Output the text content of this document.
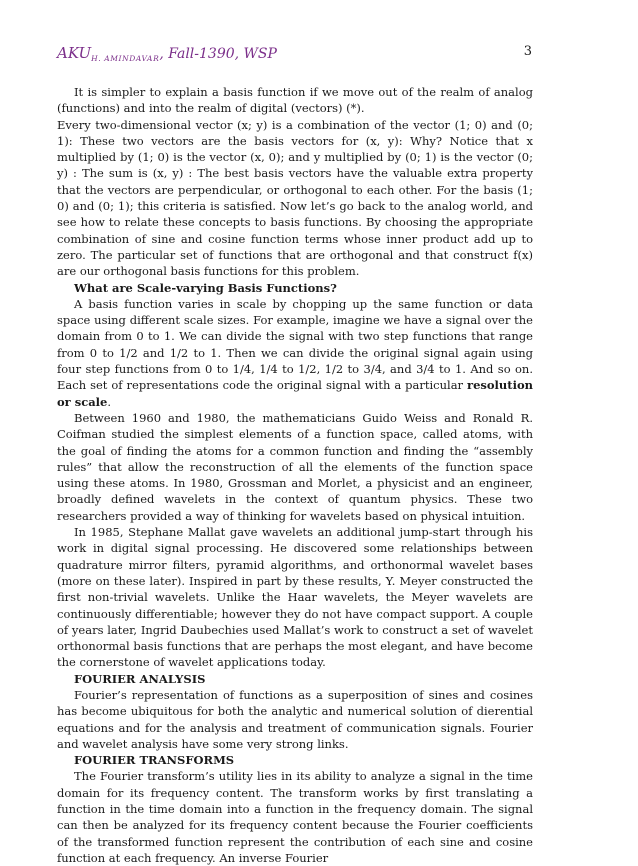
$AKU_{H. AMINDAVAR}$, Fall-1390, WSP	3

It is simpler to explain a basis function if we move out of the realm of analog (functions) and into the realm of digital (vectors) (*).

Every two-dimensional vector (x; y) is a combination of the vector (1; 0) and (0; 1): These two vectors are the basis vectors for (x, y): Why? Notice that x multiplied by (1; 0) is the vector (x, 0); and y multiplied by (0; 1) is the vector (0; y) : The sum is (x, y) : The best basis vectors have the valuable extra property that the vectors are perpendicular, or orthogonal to each other. For the basis (1; 0) and (0; 1); this criteria is satisfied. Now let’s go back to the analog world, and see how to relate these concepts to basis functions. By choosing the appropriate combination of sine and cosine function terms whose inner product add up to zero. The particular set of functions that are orthogonal and that construct f(x) are our orthogonal basis functions for this problem.

What are Scale-varying Basis Functions?

A basis function varies in scale by chopping up the same function or data space using different scale sizes. For example, imagine we have a signal over the domain from 0 to 1. We can divide the signal with two step functions that range from 0 to 1/2 and 1/2 to 1. Then we can divide the original signal again using four step functions from 0 to 1/4, 1/4 to 1/2, 1/2 to 3/4, and 3/4 to 1. And so on. Each set of representations code the original signal with a particular resolution or scale.

Between 1960 and 1980, the mathematicians Guido Weiss and Ronald R. Coifman studied the simplest elements of a function space, called atoms, with the goal of finding the atoms for a common function and finding the “assembly rules” that allow the reconstruction of all the elements of the function space using these atoms. In 1980, Grossman and Morlet, a physicist and an engineer, broadly defined wavelets in the context of quantum physics. These two researchers provided a way of thinking for wavelets based on physical intuition.

In 1985, Stephane Mallat gave wavelets an additional jump-start through his work in digital signal processing. He discovered some relationships between quadrature mirror filters, pyramid algorithms, and orthonormal wavelet bases (more on these later). Inspired in part by these results, Y. Meyer constructed the first non-trivial wavelets. Unlike the Haar wavelets, the Meyer wavelets are continuously differentiable; however they do not have compact support. A couple of years later, Ingrid Daubechies used Mallat’s work to construct a set of wavelet orthonormal basis functions that are perhaps the most elegant, and have become the cornerstone of wavelet applications today.

FOURIER ANALYSIS

Fourier’s representation of functions as a superposition of sines and cosines has become ubiquitous for both the analytic and numerical solution of dierential equations and for the analysis and treatment of communication signals. Fourier and wavelet analysis have some very strong links.

FOURIER TRANSFORMS

The Fourier transform’s utility lies in its ability to analyze a signal in the time domain for its frequency content. The transform works by first translating a function in the time domain into a function in the frequency domain. The signal can then be analyzed for its frequency content because the Fourier coefficients of the transformed function represent the contribution of each sine and cosine function at each frequency. An inverse Fourier
